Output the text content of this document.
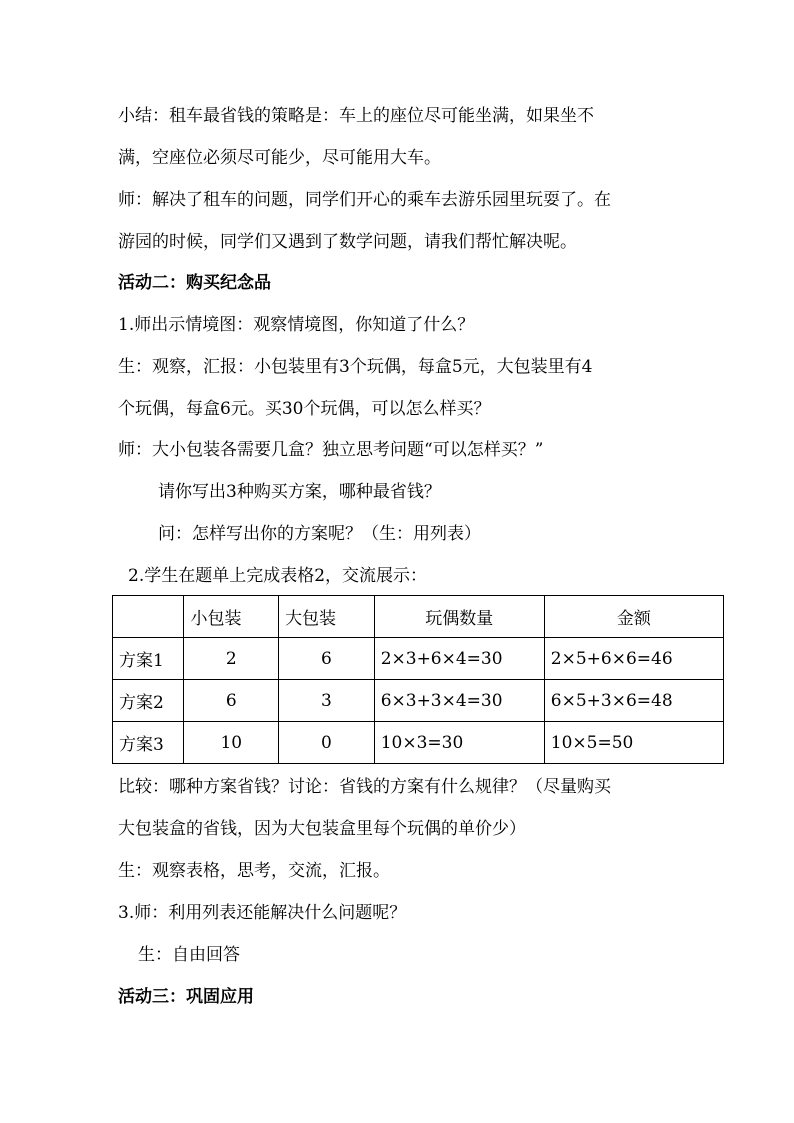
小结：租车最省钱的策略是：车上的座位尽可能坐满，如果坐不
满，空座位必须尽可能少，尽可能用大车。
师：解决了租车的问题，同学们开心的乘车去游乐园里玩耍了。在
游园的时候，同学们又遇到了数学问题，请我们帮忙解决呢。
活动二：购买纪念品
1.师出示情境图：观察情境图，你知道了什么？
生：观察，汇报：小包装里有3个玩偶，每盒5元，大包装里有4
个玩偶，每盒6元。买30个玩偶，可以怎么样买？
师：大小包装各需要几盒？独立思考问题“可以怎样买？”
请你写出3种购买方案，哪种最省钱？
问：怎样写出你的方案呢？（生：用列表）
2.学生在题单上完成表格2，交流展示：
	小包装	大包装	玩偶数量	金额
方案1	2	6	2×3+6×4=30	2×5+6×6=46
方案2	6	3	6×3+3×4=30	6×5+3×6=48
方案3	10	0	10×3=30	10×5=50
比较：哪种方案省钱？讨论：省钱的方案有什么规律？（尽量购买
大包装盒的省钱，因为大包装盒里每个玩偶的单价少）
生：观察表格，思考，交流，汇报。
3.师：利用列表还能解决什么问题呢？
生：自由回答
活动三：巩固应用
